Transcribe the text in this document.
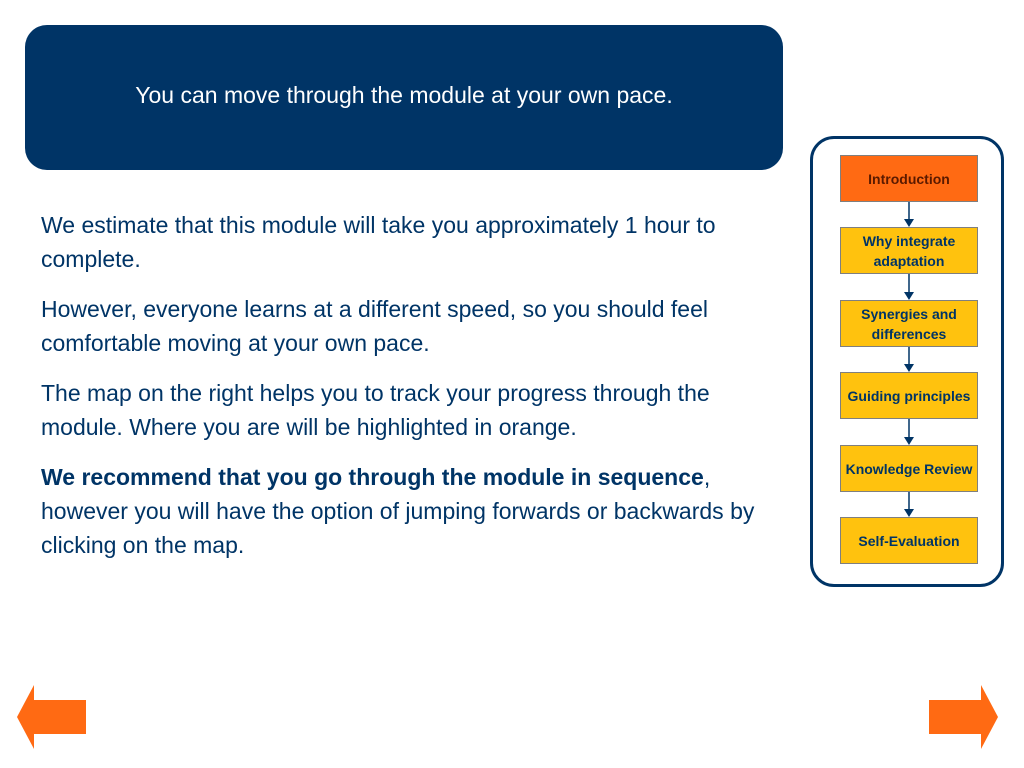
You can move through the module at your own pace.

We estimate that this module will take you approximately 1 hour to complete.

However, everyone learns at a different speed, so you should feel comfortable moving at your own pace.

The map on the right helps you to track your progress through the module. Where you are will be highlighted in orange.

We recommend that you go through the module in sequence, however you will have the option of jumping forwards or backwards by clicking on the map.

Introduction
Why integrate adaptation
Synergies and differences
Guiding principles
Knowledge Review
Self-Evaluation
